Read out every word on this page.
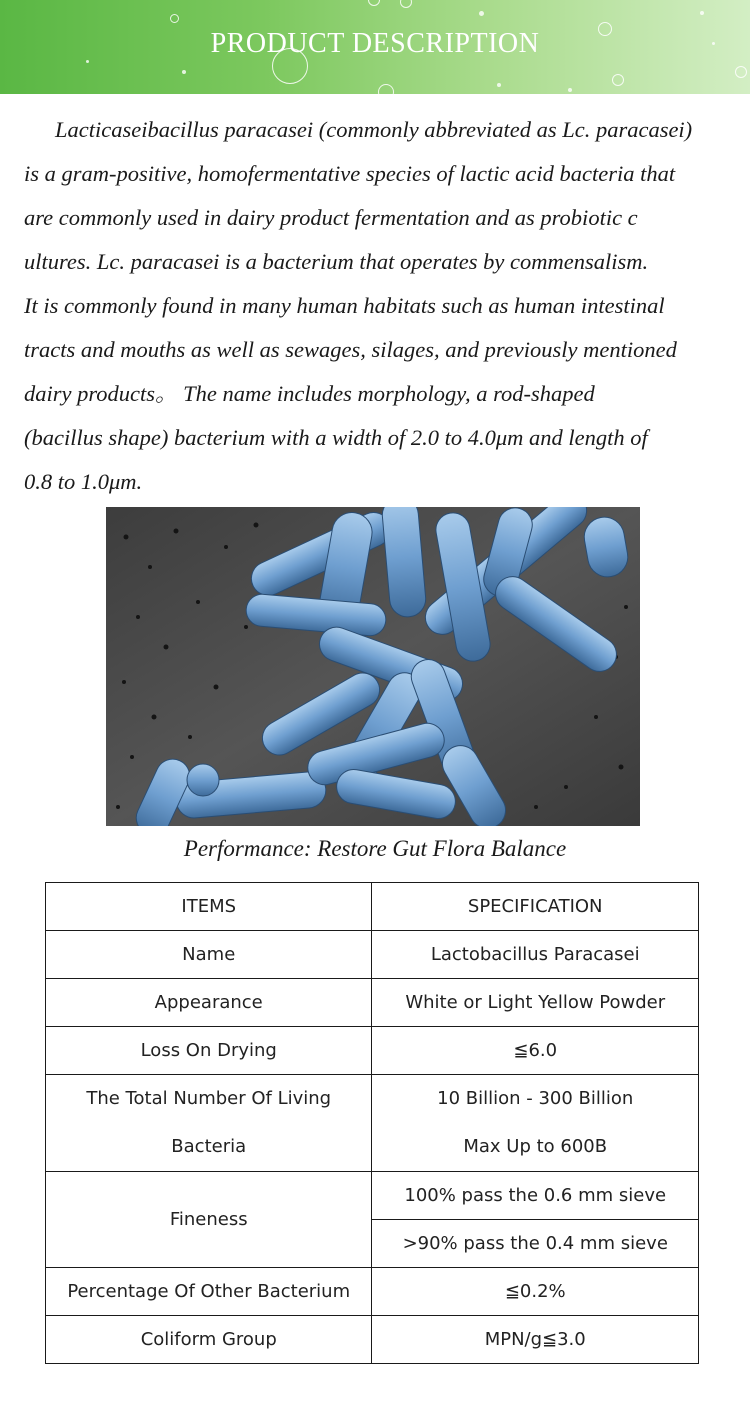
PRODUCT DESCRIPTION

Lacticaseibacillus paracasei (commonly abbreviated as Lc. paracasei)
is a gram-positive, homofermentative species of lactic acid bacteria that
are commonly used in dairy product fermentation and as probiotic c
ultures. Lc. paracasei is a bacterium that operates by commensalism.
It is commonly found in many human habitats such as human intestinal
tracts and mouths as well as sewages, silages, and previously mentioned
dairy products。 The name includes morphology, a rod-shaped
(bacillus shape) bacterium with a width of 2.0 to 4.0μm and length of
0.8 to 1.0μm.

Performance: Restore Gut Flora Balance
ITEMS	SPECIFICATION
Name	Lactobacillus Paracasei
Appearance	White or Light Yellow Powder
Loss On Drying	≦6.0

The Total Number Of Living
Bacteria	10 Billion - 300 Billion
Max Up to 600B

Fineness	100% pass the 0.6 mm sieve
	>90% pass the 0.4 mm sieve
Percentage Of Other Bacterium	≦0.2%
Coliform Group	MPN/g≦3.0
